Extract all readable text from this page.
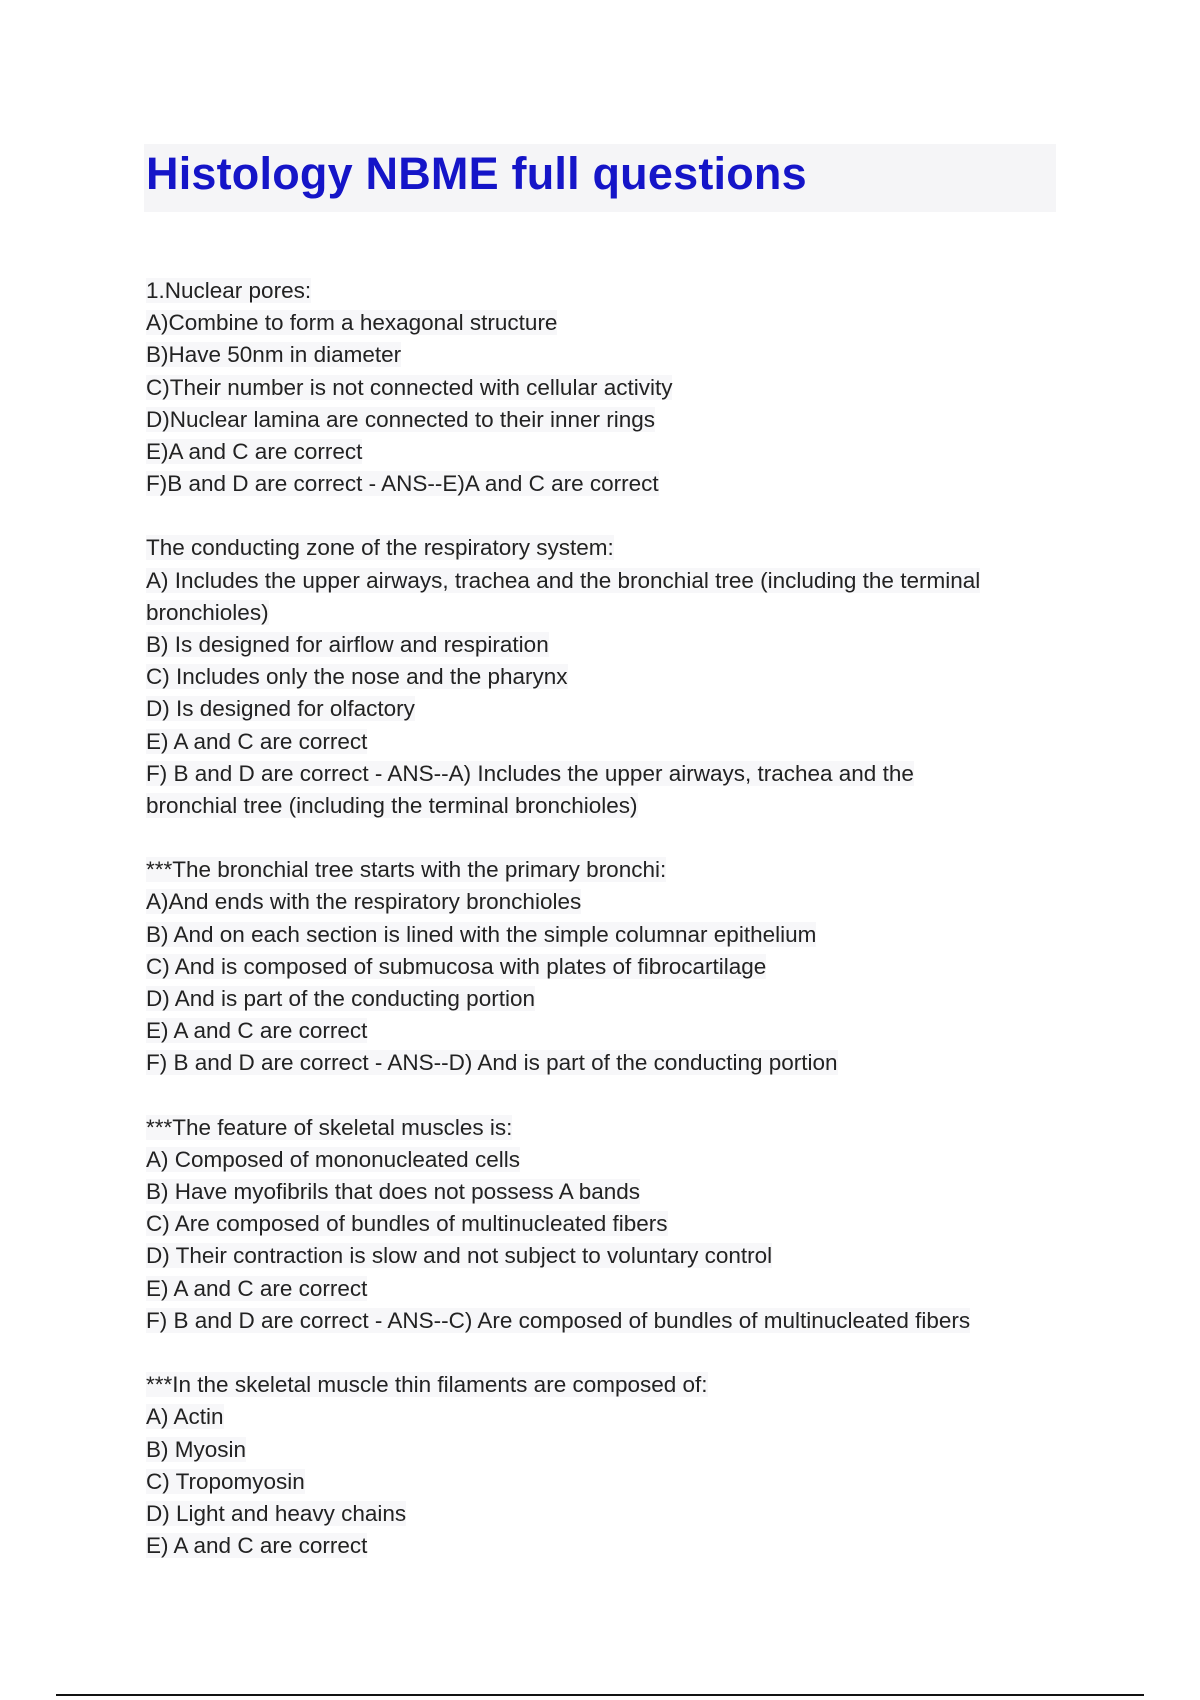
Histology NBME full questions
1.Nuclear pores:
A)Combine to form a hexagonal structure
B)Have 50nm in diameter
C)Their number is not connected with cellular activity
D)Nuclear lamina are connected to their inner rings
E)A and C are correct
F)B and D are correct - ANS--E)A and C are correct
The conducting zone of the respiratory system:
A) Includes the upper airways, trachea and the bronchial tree (including the terminal
bronchioles)
B) Is designed for airflow and respiration
C) Includes only the nose and the pharynx
D) Is designed for olfactory
E) A and C are correct
F) B and D are correct - ANS--A) Includes the upper airways, trachea and the
bronchial tree (including the terminal bronchioles)
***The bronchial tree starts with the primary bronchi:
A)And ends with the respiratory bronchioles
B) And on each section is lined with the simple columnar epithelium
C) And is composed of submucosa with plates of fibrocartilage
D) And is part of the conducting portion
E) A and C are correct
F) B and D are correct - ANS--D) And is part of the conducting portion
***The feature of skeletal muscles is:
A) Composed of mononucleated cells
B) Have myofibrils that does not possess A bands
C) Are composed of bundles of multinucleated fibers
D) Their contraction is slow and not subject to voluntary control
E) A and C are correct
F) B and D are correct - ANS--C) Are composed of bundles of multinucleated fibers
***In the skeletal muscle thin filaments are composed of:
A) Actin
B) Myosin
C) Tropomyosin
D) Light and heavy chains
E) A and C are correct
